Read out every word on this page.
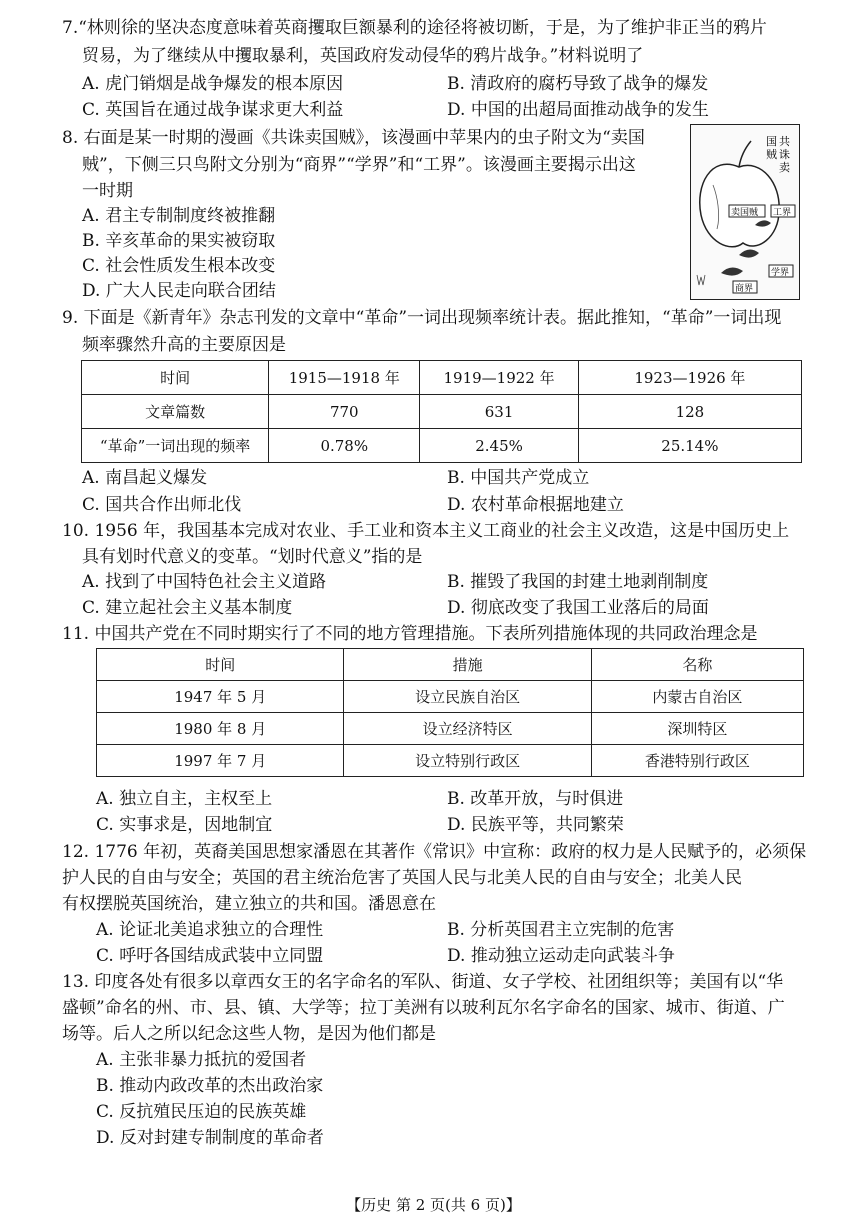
7.“林则徐的坚决态度意味着英商攫取巨额暴利的途径将被切断，于是，为了维护非正当的鸦片
贸易，为了继续从中攫取暴利，英国政府发动侵华的鸦片战争。”材料说明了
A. 虎门销烟是战争爆发的根本原因	B. 清政府的腐朽导致了战争的爆发
C. 英国旨在通过战争谋求更大利益	D. 中国的出超局面推动战争的发生
8. 右面是某一时期的漫画《共诛卖国贼》，该漫画中苹果内的虫子附文为“卖国
贼”，下侧三只鸟附文分别为“商界”“学界”和“工界”。该漫画主要揭示出这
一时期
A. 君主专制制度终被推翻
B. 辛亥革命的果实被窃取
C. 社会性质发生根本改变
D. 广大人民走向联合团结
共
诛
卖
国
贼
卖国贼 工界
学界
商界
9. 下面是《新青年》杂志刊发的文章中“革命”一词出现频率统计表。据此推知，“革命”一词出现
频率骤然升高的主要原因是
时间	1915—1918 年	1919—1922 年	1923—1926 年
文章篇数	770	631	128
“革命”一词出现的频率	0.78%	2.45%	25.14%
A. 南昌起义爆发	B. 中国共产党成立
C. 国共合作出师北伐	D. 农村革命根据地建立
10. 1956 年，我国基本完成对农业、手工业和资本主义工商业的社会主义改造，这是中国历史上
具有划时代意义的变革。“划时代意义”指的是
A. 找到了中国特色社会主义道路	B. 摧毁了我国的封建土地剥削制度
C. 建立起社会主义基本制度	D. 彻底改变了我国工业落后的局面
11. 中国共产党在不同时期实行了不同的地方管理措施。下表所列措施体现的共同政治理念是
时间	措施	名称
1947 年 5 月	设立民族自治区	内蒙古自治区
1980 年 8 月	设立经济特区	深圳特区
1997 年 7 月	设立特别行政区	香港特别行政区
A. 独立自主，主权至上	B. 改革开放，与时俱进
C. 实事求是，因地制宜	D. 民族平等，共同繁荣
12. 1776 年初，英裔美国思想家潘恩在其著作《常识》中宣称：政府的权力是人民赋予的，必须保
护人民的自由与安全；英国的君主统治危害了英国人民与北美人民的自由与安全；北美人民
有权摆脱英国统治，建立独立的共和国。潘恩意在
A. 论证北美追求独立的合理性	B. 分析英国君主立宪制的危害
C. 呼吁各国结成武装中立同盟	D. 推动独立运动走向武装斗争
13. 印度各处有很多以章西女王的名字命名的军队、街道、女子学校、社团组织等；美国有以“华
盛顿”命名的州、市、县、镇、大学等；拉丁美洲有以玻利瓦尔名字命名的国家、城市、街道、广
场等。后人之所以纪念这些人物，是因为他们都是
A. 主张非暴力抵抗的爱国者
B. 推动内政改革的杰出政治家
C. 反抗殖民压迫的民族英雄
D. 反对封建专制制度的革命者
【历史 第 2 页(共 6 页)】
